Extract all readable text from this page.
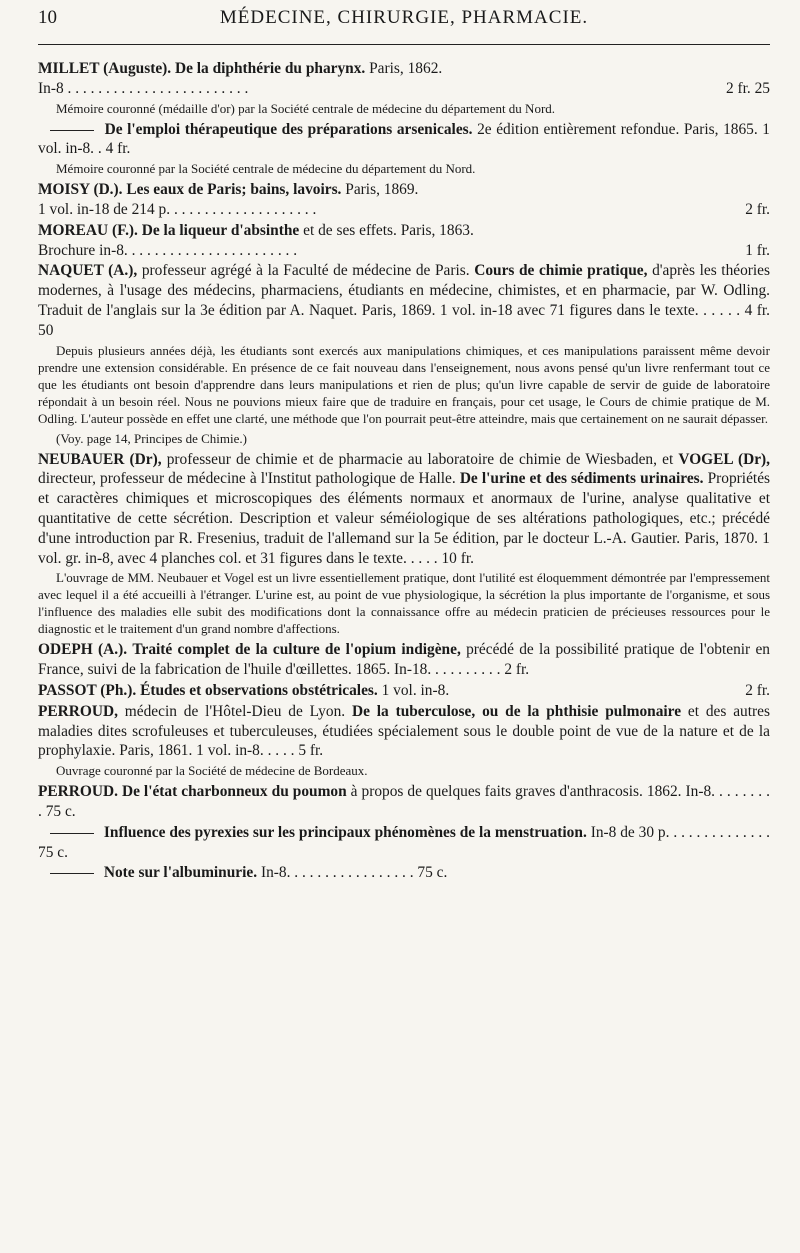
10	MÉDECINE, CHIRURGIE, PHARMACIE.
MILLET (Auguste). De la diphthérie du pharynx. Paris, 1862.
In-8 . . . . . . . . . . . . . . . . . . . . . . . .	2 fr. 25
Mémoire couronné (médaille d'or) par la Société centrale de médecine du département du Nord.
De l'emploi thérapeutique des préparations arsenicales. 2e édition entièrement refondue. Paris, 1865. 1 vol. in-8. . 4 fr.
Mémoire couronné par la Société centrale de médecine du département du Nord.
MOISY (D.). Les eaux de Paris; bains, lavoirs. Paris, 1869.
1 vol. in-18 de 214 p. . . . . . . . . . . . . . . . . . . .	2 fr.
MOREAU (F.). De la liqueur d'absinthe et de ses effets. Paris, 1863.
Brochure in-8. . . . . . . . . . . . . . . . . . . . . . .	1 fr.
NAQUET (A.), professeur agrégé à la Faculté de médecine de Paris. Cours de chimie pratique, d'après les théories modernes, à l'usage des médecins, pharmaciens, étudiants en médecine, chimistes, et en pharmacie, par W. Odling. Traduit de l'anglais sur la 3e édition par A. Naquet. Paris, 1869. 1 vol. in-18 avec 71 figures dans le texte. . . . . . 4 fr. 50
Depuis plusieurs années déjà, les étudiants sont exercés aux manipulations chimiques, et ces manipulations paraissent même devoir prendre une extension considérable. En présence de ce fait nouveau dans l'enseignement, nous avons pensé qu'un livre renfermant tout ce que les étudiants ont besoin d'apprendre dans leurs manipulations et rien de plus; qu'un livre capable de servir de guide de laboratoire répondait à un besoin réel. Nous ne pouvions mieux faire que de traduire en français, pour cet usage, le Cours de chimie pratique de M. Odling. L'auteur possède en effet une clarté, une méthode que l'on pourrait peut-être atteindre, mais que certainement on ne saurait dépasser.
(Voy. page 14, Principes de Chimie.)
NEUBAUER (Dr), professeur de chimie et de pharmacie au laboratoire de chimie de Wiesbaden, et VOGEL (Dr), directeur, professeur de médecine à l'Institut pathologique de Halle. De l'urine et des sédiments urinaires. Propriétés et caractères chimiques et microscopiques des éléments normaux et anormaux de l'urine, analyse qualitative et quantitative de cette sécrétion. Description et valeur séméiologique de ses altérations pathologiques, etc.; précédé d'une introduction par R. Fresenius, traduit de l'allemand sur la 5e édition, par le docteur L.-A. Gautier. Paris, 1870. 1 vol. gr. in-8, avec 4 planches col. et 31 figures dans le texte. . . . . 10 fr.
L'ouvrage de MM. Neubauer et Vogel est un livre essentiellement pratique, dont l'utilité est éloquemment démontrée par l'empressement avec lequel il a été accueilli à l'étranger. L'urine est, au point de vue physiologique, la sécrétion la plus importante de l'organisme, et sous l'influence des maladies elle subit des modifications dont la connaissance offre au médecin praticien de précieuses ressources pour le diagnostic et le traitement d'un grand nombre d'affections.
ODEPH (A.). Traité complet de la culture de l'opium indigène, précédé de la possibilité pratique de l'obtenir en France, suivi de la fabrication de l'huile d'œillettes. 1865. In-18. . . . . . . . . . 2 fr.
PASSOT (Ph.). Études et observations obstétricales. 1 vol. in-8.	2 fr.
PERROUD, médecin de l'Hôtel-Dieu de Lyon. De la tuberculose, ou de la phthisie pulmonaire et des autres maladies dites scrofuleuses et tuberculeuses, étudiées spécialement sous le double point de vue de la nature et de la prophylaxie. Paris, 1861. 1 vol. in-8. . . . . 5 fr.
Ouvrage couronné par la Société de médecine de Bordeaux.
PERROUD. De l'état charbonneux du poumon à propos de quelques faits graves d'anthracosis. 1862. In-8. . . . . . . . . 75 c.
Influence des pyrexies sur les principaux phénomènes de la menstruation. In-8 de 30 p. . . . . . . . . . . . . . 75 c.
Note sur l'albuminurie. In-8. . . . . . . . . . . . . . . . . 75 c.
